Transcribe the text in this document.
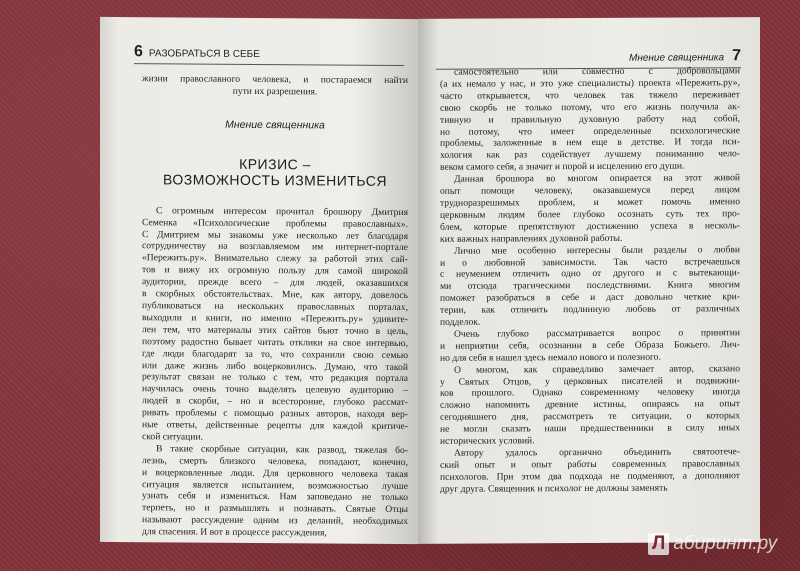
6 РАЗОБРАТЬСЯ В СЕБЕ
жизни православного человека, и постараемся найти
пути их разрешения.
Мнение священника
КРИЗИС –
ВОЗМОЖНОСТЬ ИЗМЕНИТЬСЯ
С огромным интересом прочитал брошюру Дмитрия
Семенка «Психологические проблемы православных».
С Дмитрием мы знакомы уже несколько лет благодаря
сотрудничеству на возглавляемом им интернет-портале
«Пережить.ру». Внимательно слежу за работой этих сай-
тов и вижу их огромную пользу для самой широкой
аудитории, прежде всего – для людей, оказавшихся
в скорбных обстоятельствах. Мне, как автору, довелось
публиковаться на нескольких православных порталах,
выходили и книги, но именно «Пережить.ру» удивите-
лен тем, что материалы этих сайтов бьют точно в цель,
поэтому радостно бывает читать отклики на свое интервью,
где люди благодарят за то, что сохранили свою семью
или даже жизнь либо воцерковились. Думаю, что такой
результат связан не только с тем, что редакция портала
научилась очень точно выделять целевую аудиторию –
людей в скорби, – но и всесторонне, глубоко рассмат-
ривать проблемы с помощью разных авторов, находя вер-
ные ответы, действенные рецепты для каждой критиче-
ской ситуации.
В такие скорбные ситуации, как развод, тяжелая бо-
лезнь, смерть близкого человека, попадают, конечно,
и воцерковленные люди. Для церковного человека такая
ситуация является испытанием, возможностью лучше
узнать себя и измениться. Нам заповедано не только
терпеть, но и размышлять и познавать. Святые Отцы
называют рассуждение одним из деланий, необходимых
для спасения. И вот в процессе рассуждения,
Мнение священника 7
самостоятельно или совместно с добровольцами
(а их немало у нас, и это уже специалисты) проекта «Пережить.ру»,
часто открывается, что человек так тяжело переживает
свою скорбь не только потому, что его жизнь получила ак-
тивную и правильную духовную работу над собой,
но потому, что имеет определенные психологические
проблемы, заложенные в нем еще в детстве. И тогда пси-
хология как раз содействует лучшему пониманию чело-
веком самого себя, а значит и порой и исцелению его души.
Данная брошюра во многом опирается на этот живой
опыт помощи человеку, оказавшемуся перед лицом
трудноразрешимых проблем, и может помочь именно
церковным людям более глубоко осознать суть тех про-
блем, которые препятствуют достижению успеха в несколь-
ких важных направлениях духовной работы.
Лично мне особенно интересны были разделы о любви
и о любовной зависимости. Так часто встречаешься
с неумением отличить одно от другого и с вытекающи-
ми отсюда трагическими последствиями. Книга многим
поможет разобраться в себе и даст довольно четкие кри-
терии, как отличить подлинную любовь от различных
подделок.
Очень глубоко рассматривается вопрос о принятии
и неприятии себя, осознании в себе Образа Божьего. Лич-
но для себя я нашел здесь немало нового и полезного.
О многом, как справедливо замечает автор, сказано
у Святых Отцов, у церковных писателей и подвижни-
ков прошлого. Однако современному человеку иногда
сложно напомнить древние истины, опираясь на опыт
сегодняшнего дня, рассмотреть те ситуации, о которых
не могли сказать наши предшественники в силу иных
исторических условий.
Автору удалось органично объединить святоотече-
ский опыт и опыт работы современных православных
психологов. При этом два подхода не подменяют, а дополняют
друг друга. Священник и психолог не должны заменять
Л абиринт.ру
